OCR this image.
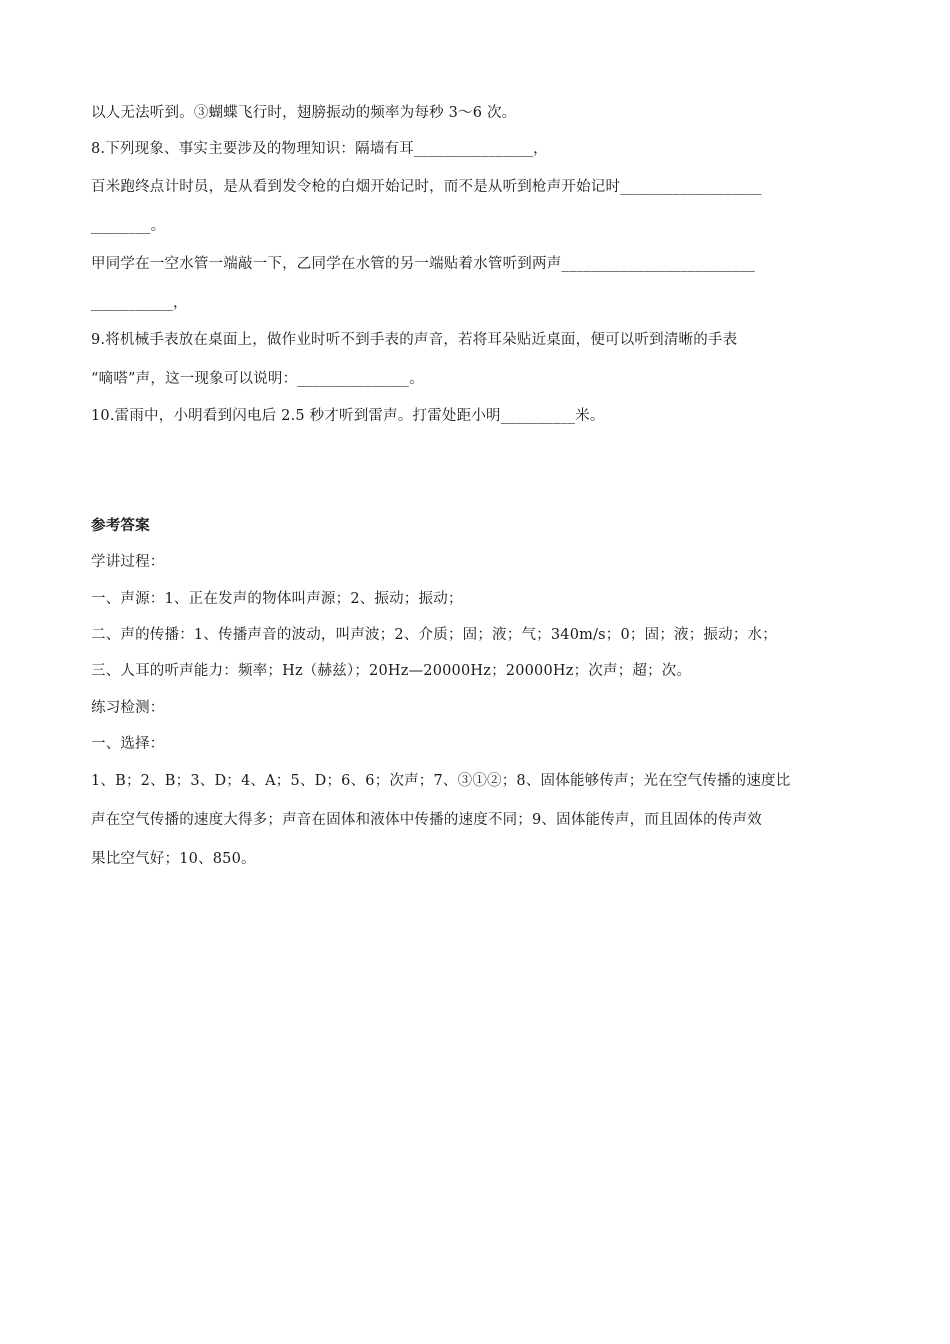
以人无法听到。③蝴蝶飞行时，翅膀振动的频率为每秒 3～6 次。
8.下列现象、事实主要涉及的物理知识：隔墙有耳________________，
百米跑终点计时员，是从看到发令枪的白烟开始记时，而不是从听到枪声开始记时___________________
________。
甲同学在一空水管一端敲一下，乙同学在水管的另一端贴着水管听到两声__________________________
___________，
9.将机械手表放在桌面上，做作业时听不到手表的声音，若将耳朵贴近桌面，便可以听到清晰的手表
“嘀嗒”声，这一现象可以说明：_______________。
10.雷雨中，小明看到闪电后 2.5 秒才听到雷声。打雷处距小明__________米。
参考答案
学讲过程：
一、声源：1、正在发声的物体叫声源；2、振动；振动；
二、声的传播：1、传播声音的波动，叫声波；2、介质；固；液；气；340m/s；0；固；液；振动；水；
三、人耳的听声能力：频率；Hz（赫兹）；20Hz—20000Hz；20000Hz；次声；超；次。
练习检测：
一、选择：
1、B；2、B；3、D；4、A；5、D；6、6；次声；7、③①②；8、固体能够传声；光在空气传播的速度比
声在空气传播的速度大得多；声音在固体和液体中传播的速度不同；9、固体能传声，而且固体的传声效
果比空气好；10、850。
